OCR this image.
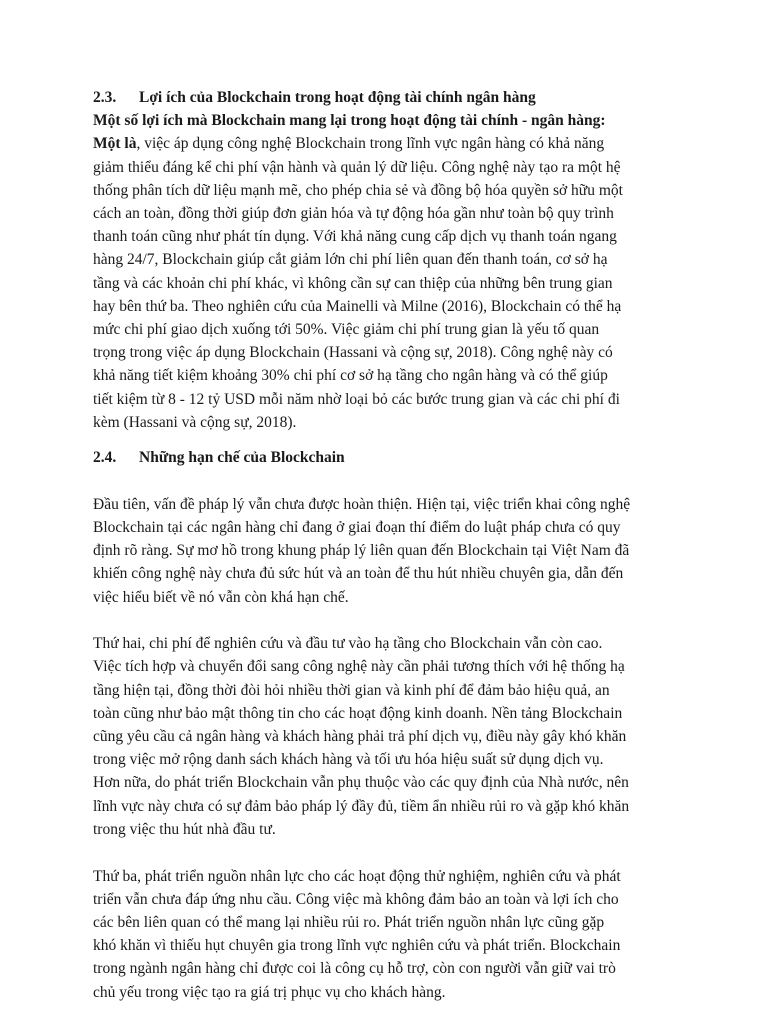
2.3. Lợi ích của Blockchain trong hoạt động tài chính ngân hàng
Một số lợi ích mà Blockchain mang lại trong hoạt động tài chính - ngân hàng:

Một là, việc áp dụng công nghệ Blockchain trong lĩnh vực ngân hàng có khả năng
giảm thiểu đáng kể chi phí vận hành và quản lý dữ liệu. Công nghệ này tạo ra một hệ
thống phân tích dữ liệu mạnh mẽ, cho phép chia sẻ và đồng bộ hóa quyền sở hữu một
cách an toàn, đồng thời giúp đơn giản hóa và tự động hóa gần như toàn bộ quy trình
thanh toán cũng như phát tín dụng. Với khả năng cung cấp dịch vụ thanh toán ngang
hàng 24/7, Blockchain giúp cắt giảm lớn chi phí liên quan đến thanh toán, cơ sở hạ
tầng và các khoản chi phí khác, vì không cần sự can thiệp của những bên trung gian
hay bên thứ ba. Theo nghiên cứu của Mainelli và Milne (2016), Blockchain có thể hạ
mức chi phí giao dịch xuống tới 50%. Việc giảm chi phí trung gian là yếu tố quan
trọng trong việc áp dụng Blockchain (Hassani và cộng sự, 2018). Công nghệ này có
khả năng tiết kiệm khoảng 30% chi phí cơ sở hạ tầng cho ngân hàng và có thể giúp
tiết kiệm từ 8 - 12 tỷ USD mỗi năm nhờ loại bỏ các bước trung gian và các chi phí đi
kèm (Hassani và cộng sự, 2018).

2.4. Những hạn chế của Blockchain

Đầu tiên, vấn đề pháp lý vẫn chưa được hoàn thiện. Hiện tại, việc triển khai công nghệ
Blockchain tại các ngân hàng chỉ đang ở giai đoạn thí điểm do luật pháp chưa có quy
định rõ ràng. Sự mơ hồ trong khung pháp lý liên quan đến Blockchain tại Việt Nam đã
khiến công nghệ này chưa đủ sức hút và an toàn để thu hút nhiều chuyên gia, dẫn đến
việc hiểu biết về nó vẫn còn khá hạn chế.

Thứ hai, chi phí để nghiên cứu và đầu tư vào hạ tầng cho Blockchain vẫn còn cao.
Việc tích hợp và chuyển đổi sang công nghệ này cần phải tương thích với hệ thống hạ
tầng hiện tại, đồng thời đòi hỏi nhiều thời gian và kinh phí để đảm bảo hiệu quả, an
toàn cũng như bảo mật thông tin cho các hoạt động kinh doanh. Nền tảng Blockchain
cũng yêu cầu cả ngân hàng và khách hàng phải trả phí dịch vụ, điều này gây khó khăn
trong việc mở rộng danh sách khách hàng và tối ưu hóa hiệu suất sử dụng dịch vụ.
Hơn nữa, do phát triển Blockchain vẫn phụ thuộc vào các quy định của Nhà nước, nên
lĩnh vực này chưa có sự đảm bảo pháp lý đầy đủ, tiềm ẩn nhiều rủi ro và gặp khó khăn
trong việc thu hút nhà đầu tư.

Thứ ba, phát triển nguồn nhân lực cho các hoạt động thử nghiệm, nghiên cứu và phát
triển vẫn chưa đáp ứng nhu cầu. Công việc mà không đảm bảo an toàn và lợi ích cho
các bên liên quan có thể mang lại nhiều rủi ro. Phát triển nguồn nhân lực cũng gặp
khó khăn vì thiếu hụt chuyên gia trong lĩnh vực nghiên cứu và phát triển. Blockchain
trong ngành ngân hàng chỉ được coi là công cụ hỗ trợ, còn con người vẫn giữ vai trò
chủ yếu trong việc tạo ra giá trị phục vụ cho khách hàng.
